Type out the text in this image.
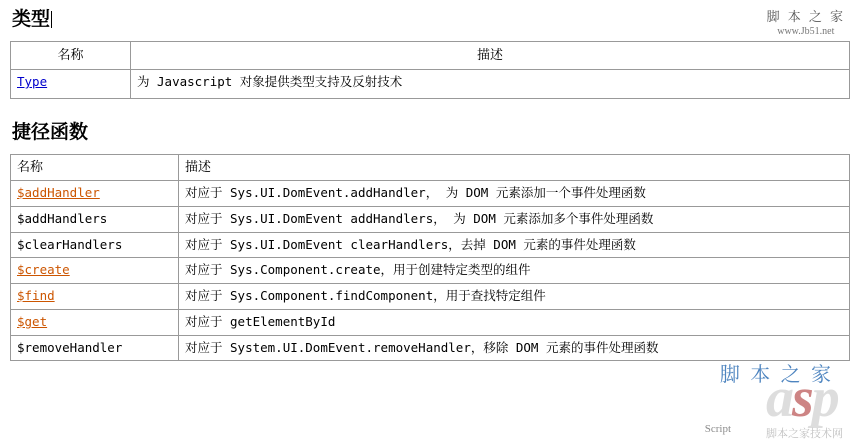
脚 本 之 家
www.Jb51.net
类型
名称	描述
Type	为 Javascript 对象提供类型支持及反射技术
捷径函数
名称	描述
$addHandler	对应于 Sys.UI.DomEvent.addHandler， 为 DOM 元素添加一个事件处理函数
$addHandlers	对应于 Sys.UI.DomEvent addHandlers， 为 DOM 元素添加多个事件处理函数
$clearHandlers	对应于 Sys.UI.DomEvent clearHandlers，去掉 DOM 元素的事件处理函数
$create	对应于 Sys.Component.create，用于创建特定类型的组件
$find	对应于 Sys.Component.findComponent，用于查找特定组件
$get	对应于 getElementById
$removeHandler	对应于 System.UI.DomEvent.removeHandler，移除 DOM 元素的事件处理函数
脚 本 之 家
asp
脚本之家技术网
Script
